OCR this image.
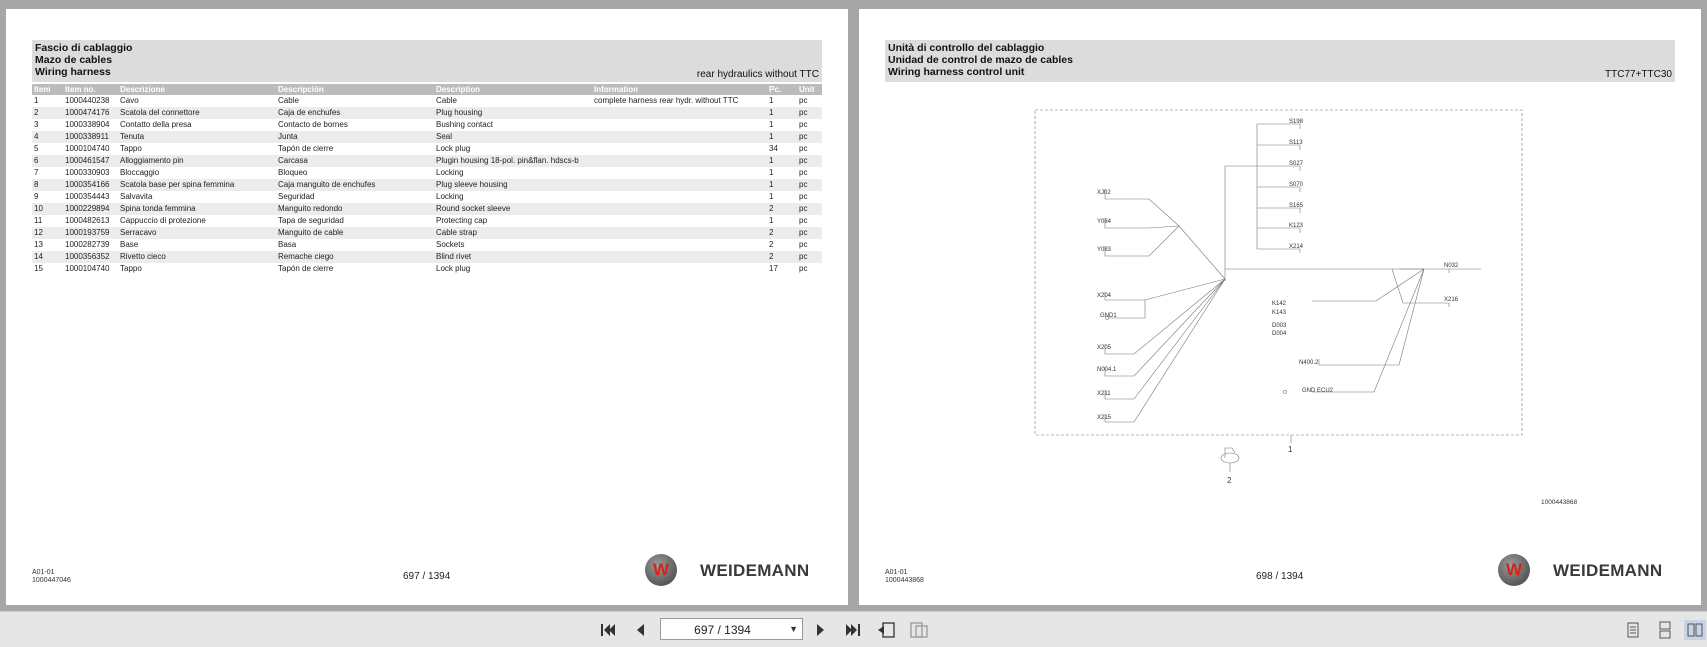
Fascio di cablaggio
Mazo de cables
Wiring harness	rear hydraulics without TTC
Item	Item no.	Descrizione	Descripción	Description	Information	Pc.	Unit
1	1000440238	Cavo	Cable	Cable	complete harness rear hydr. without TTC	1	pc
2	1000474176	Scatola del connettore	Caja de enchufes	Plug housing		1	pc
3	1000338904	Contatto della presa	Contacto de bornes	Bushing contact		1	pc
4	1000338911	Tenuta	Junta	Seal		1	pc
5	1000104740	Tappo	Tapón de cierre	Lock plug		34	pc
6	1000461547	Alloggiamento pin	Carcasa	Plugin housing 18-pol. pin&flan. hdscs-b		1	pc
7	1000330903	Bloccaggio	Bloqueo	Locking		1	pc
8	1000354166	Scatola base per spina femmina	Caja manguito de enchufes	Plug sleeve housing		1	pc
9	1000354443	Salvavita	Seguridad	Locking		1	pc
10	1000229894	Spina tonda femmina	Manguito redondo	Round socket sleeve		2	pc
11	1000482613	Cappuccio di protezione	Tapa de seguridad	Protecting cap		1	pc
12	1000193759	Serracavo	Manguito de cable	Cable strap		2	pc
13	1000282739	Base	Basa	Sockets		2	pc
14	1000356352	Rivetto cieco	Remache ciego	Blind rivet		2	pc
15	1000104740	Tappo	Tapón de cierre	Lock plug		17	pc
A01-01
1000447046	697 / 1394	W	WEIDEMANN
Unità di controllo del cablaggio
Unidad de control de mazo de cables
Wiring harness control unit	TTC77+TTC30
S198
S113
S027
S070
S165
K123
X214
XJ02
Y084
Y083
X204
GND1
X205
N004.1
X211
X215
N032
X216
K142
K143
D003
D004
N400.2
GND ECU2
1
2
1000443868
A01-01
1000443868	698 / 1394	W	WEIDEMANN
697 / 1394	▼
